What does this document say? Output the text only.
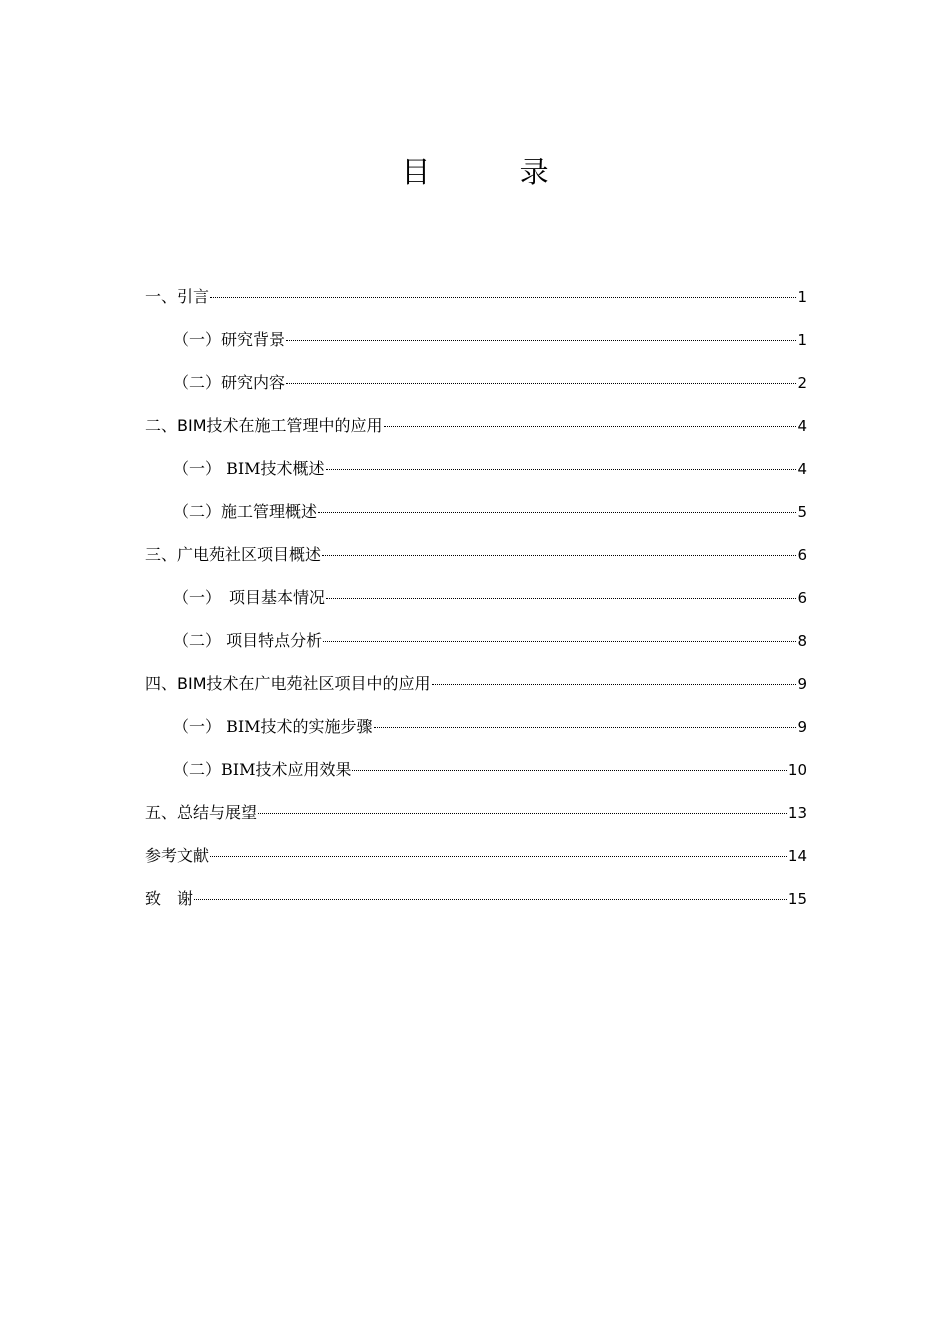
目 录
一、引言	1
（一）研究背景	1
（二）研究内容	2
二、BIM技术在施工管理中的应用	4
（一） BIM技术概述	4
（二）施工管理概述	5
三、广电苑社区项目概述	6
（一）　项目基本情况	6
（二） 项目特点分析	8
四、BIM技术在广电苑社区项目中的应用	9
（一） BIM技术的实施步骤	9
（二）BIM技术应用效果	10
五、总结与展望	13
参考文献	14
致　谢	15
